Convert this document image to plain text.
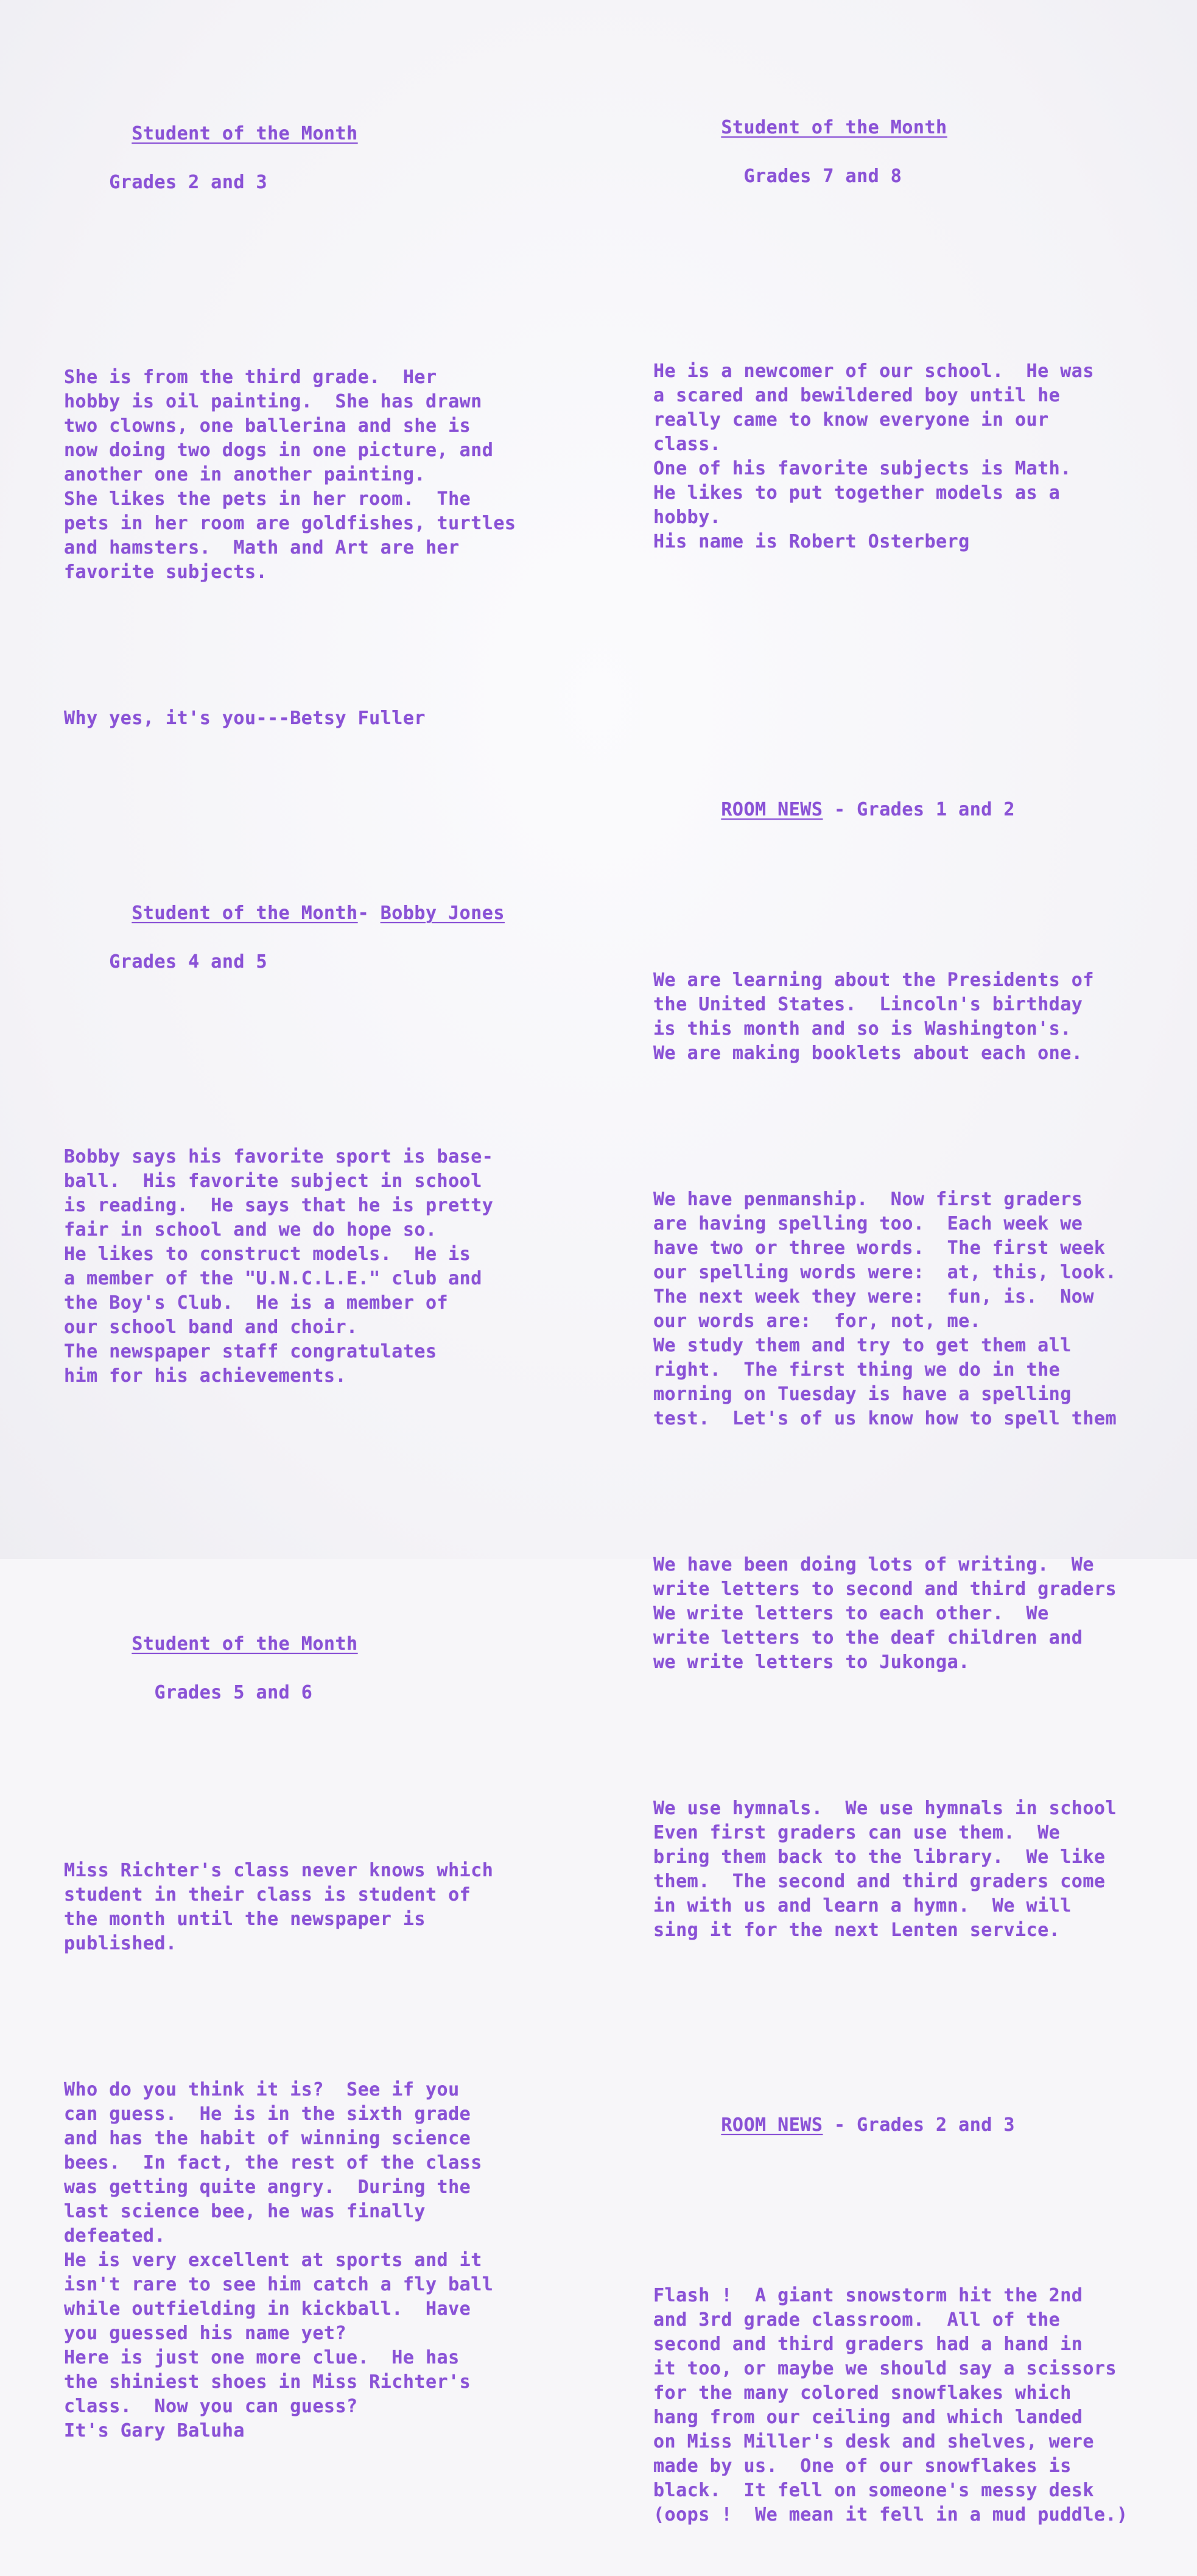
Student of the Month

Grades 2 and 3

She is from the third grade.  Her
hobby is oil painting.  She has drawn
two clowns, one ballerina and she is
now doing two dogs in one picture, and
another one in another painting.
She likes the pets in her room.  The
pets in her room are goldfishes, turtles
and hamsters.  Math and Art are her
favorite subjects.

Why yes, it's you---Betsy Fuller

Student of the Month- Bobby Jones

Grades 4 and 5

Bobby says his favorite sport is base-
ball.  His favorite subject in school
is reading.  He says that he is pretty
fair in school and we do hope so.
He likes to construct models.  He is
a member of the "U.N.C.L.E." club and
the Boy's Club.  He is a member of
our school band and choir.
The newspaper staff congratulates
him for his achievements.

Student of the Month

Grades 5 and 6

Miss Richter's class never knows which
student in their class is student of
the month until the newspaper is
published.

Who do you think it is?  See if you
can guess.  He is in the sixth grade
and has the habit of winning science
bees.  In fact, the rest of the class
was getting quite angry.  During the
last science bee, he was finally
defeated.
He is very excellent at sports and it
isn't rare to see him catch a fly ball
while outfielding in kickball.  Have
you guessed his name yet?
Here is just one more clue.  He has
the shiniest shoes in Miss Richter's
class.  Now you can guess?
It's Gary Baluha

Student of the Month

Grades 7 and 8

He is a newcomer of our school.  He was
a scared and bewildered boy until he
really came to know everyone in our
class.
One of his favorite subjects is Math.
He likes to put together models as a
hobby.
His name is Robert Osterberg

ROOM NEWS - Grades 1 and 2

We are learning about the Presidents of
the United States.  Lincoln's birthday
is this month and so is Washington's.
We are making booklets about each one.

We have penmanship.  Now first graders
are having spelling too.  Each week we
have two or three words.  The first week
our spelling words were:  at, this, look.
The next week they were:  fun, is.  Now
our words are:  for, not, me.
We study them and try to get them all
right.  The first thing we do in the
morning on Tuesday is have a spelling
test.  Let's of us know how to spell them

We have been doing lots of writing.  We
write letters to second and third graders
We write letters to each other.  We
write letters to the deaf children and
we write letters to Jukonga.

We use hymnals.  We use hymnals in school
Even first graders can use them.  We
bring them back to the library.  We like
them.  The second and third graders come
in with us and learn a hymn.  We will
sing it for the next Lenten service.

ROOM NEWS - Grades 2 and 3

Flash !  A giant snowstorm hit the 2nd
and 3rd grade classroom.  All of the
second and third graders had a hand in
it too, or maybe we should say a scissors
for the many colored snowflakes which
hang from our ceiling and which landed
on Miss Miller's desk and shelves, were
made by us.  One of our snowflakes is
black.  It fell on someone's messy desk
(oops !  We mean it fell in a mud puddle.)
